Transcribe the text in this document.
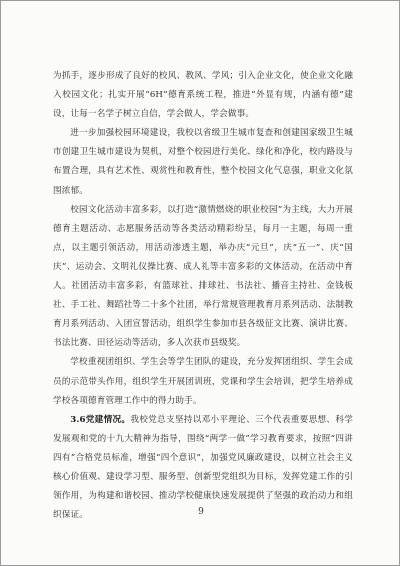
为抓手，逐步形成了良好的校风、教风、学风；引入企业文化，使企业文化融入校园文化；扎实开展“6H”德育系统工程，推进“外显有规，内涵有德”建设，让每一名学子树立自信，学会做人，学会做事。

进一步加强校园环境建设，我校以省级卫生城市复查和创建国家级卫生城市创建卫生城市建设为契机，对整个校园进行美化、绿化和净化，校内路设与布置合理，具有艺术性、观赏性和教育性，整个校园文化气息强，职业文化氛围浓郁。

校园文化活动丰富多彩，以打造“激情燃烧的职业校园”为主线，大力开展德育主题活动、志愿服务活动等各类活动精彩纷呈，每月一主题，每周一重点，以主题引领活动，用活动渗透主题，举办庆“元旦”，庆“五一”、庆“国庆”、运动会、文明礼仪操比赛、成人礼等丰富多彩的文体活动，在活动中育人。社团活动丰富多彩，有篮球社、排球社、书法社、播音主持社、金钱板社、手工社、舞蹈社等二十多个社团，举行常规管理教育月系列活动、法制教育月系列活动、入团宣誓活动，组织学生参加市县各级征文比赛、演讲比赛、书法比赛、田径运动等活动，多人次获市县级奖。

学校重视团组织、学生会等学生团队的建设，充分发挥团组织、学生会成员的示范带头作用，组织学生开展团训班，党课和学生会培训，把学生培养成学校各项德育管理工作中的得力助手。

3.6党建情况。我校党总支坚持以邓小平理论、三个代表重要思想、科学发展观和党的十九大精神为指导，围绕“两学一做”学习教育要求，按照“四讲四有”合格党员标准，增强“四个意识”，加强党风廉政建设，以树立社会主义核心价值观、建设学习型、服务型、创新型党组织为目标，发挥党建工作的引领作用，为构建和谐校园、推动学校健康快速发展提供了坚强的政治动力和组织保证。	9
